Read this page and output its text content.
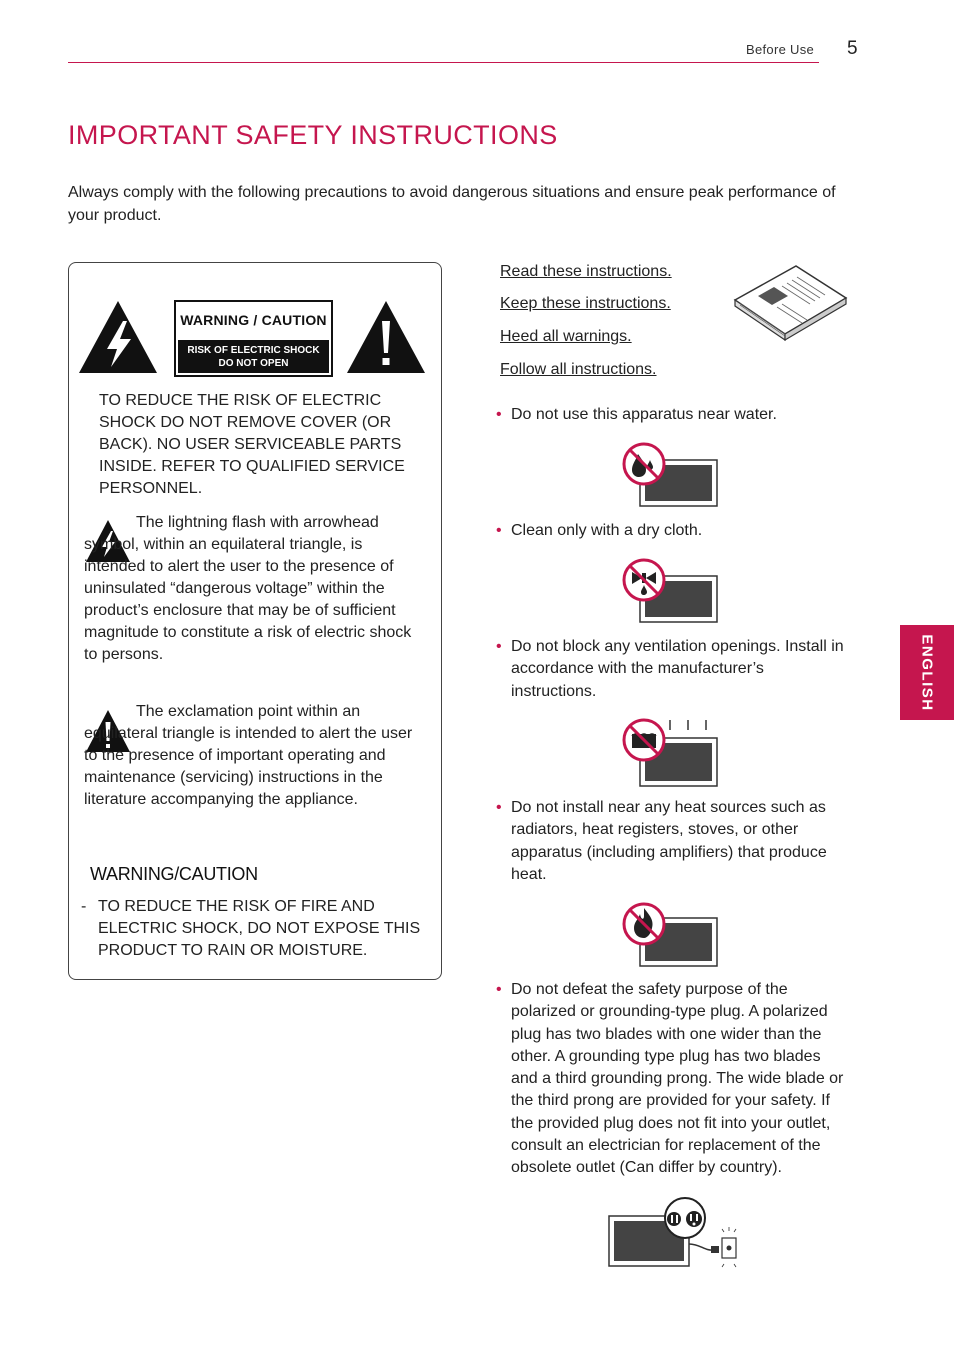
Before Use 5
IMPORTANT SAFETY INSTRUCTIONS
Always comply with the following precautions to avoid dangerous situations and ensure peak performance of your product.
WARNING / CAUTION
RISK OF ELECTRIC SHOCK
DO NOT OPEN
TO REDUCE THE RISK OF ELECTRIC SHOCK DO NOT REMOVE COVER (OR BACK). NO USER SERVICEABLE PARTS INSIDE. REFER TO QUALIFIED SERVICE PERSONNEL.
The lightning flash with arrowhead symbol, within an equilateral triangle, is intended to alert the user to the presence of uninsulated “dangerous voltage” within the product’s enclosure that may be of sufficient magnitude to constitute a risk of electric shock to persons.
The exclamation point within an equilateral triangle is intended to alert the user to the presence of important operating and maintenance (servicing) instructions in the literature accompanying the appliance.
WARNING/CAUTION
- TO REDUCE THE RISK OF FIRE AND ELECTRIC SHOCK, DO NOT EXPOSE THIS PRODUCT TO RAIN OR MOISTURE.
Read these instructions.
Keep these instructions.
Heed all warnings.
Follow all instructions.
• Do not use this apparatus near water.
• Clean only with a dry cloth.
• Do not block any ventilation openings. Install in accordance with the manufacturer’s instructions.
• Do not install near any heat sources such as radiators, heat registers, stoves, or other apparatus (including amplifiers) that produce heat.
• Do not defeat the safety purpose of the polarized or grounding-type plug. A polarized plug has two blades with one wider than the other. A grounding type plug has two blades and a third grounding prong. The wide blade or the third prong are provided for your safety. If the provided plug does not fit into your outlet, consult an electrician for replacement of the obsolete outlet (Can differ by country).
ENGLISH
